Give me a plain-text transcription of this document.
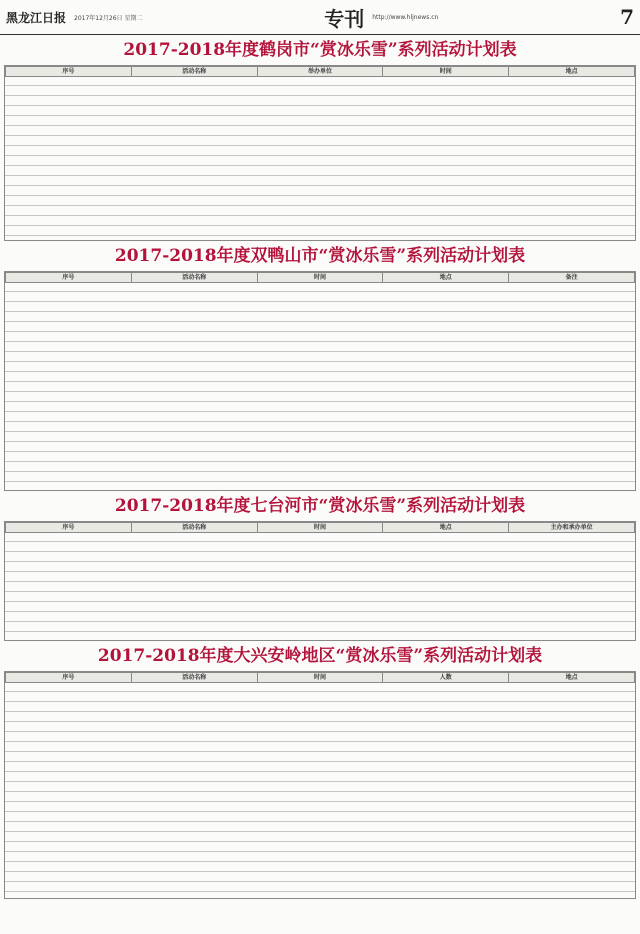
黑龙江日报 2017年12月26日 星期二	专刊 http://www.hljnews.cn	7
2017-2018年度鹤岗市“赏冰乐雪”系列活动计划表
序号	活动名称	举办单位	时间	地点
2017-2018年度双鸭山市“赏冰乐雪”系列活动计划表
序号	活动名称	时间	地点	备注
2017-2018年度七台河市“赏冰乐雪”系列活动计划表
序号	活动名称	时间	地点	主办和承办单位
2017-2018年度大兴安岭地区“赏冰乐雪”系列活动计划表
序号	活动名称	时间	人数	地点
